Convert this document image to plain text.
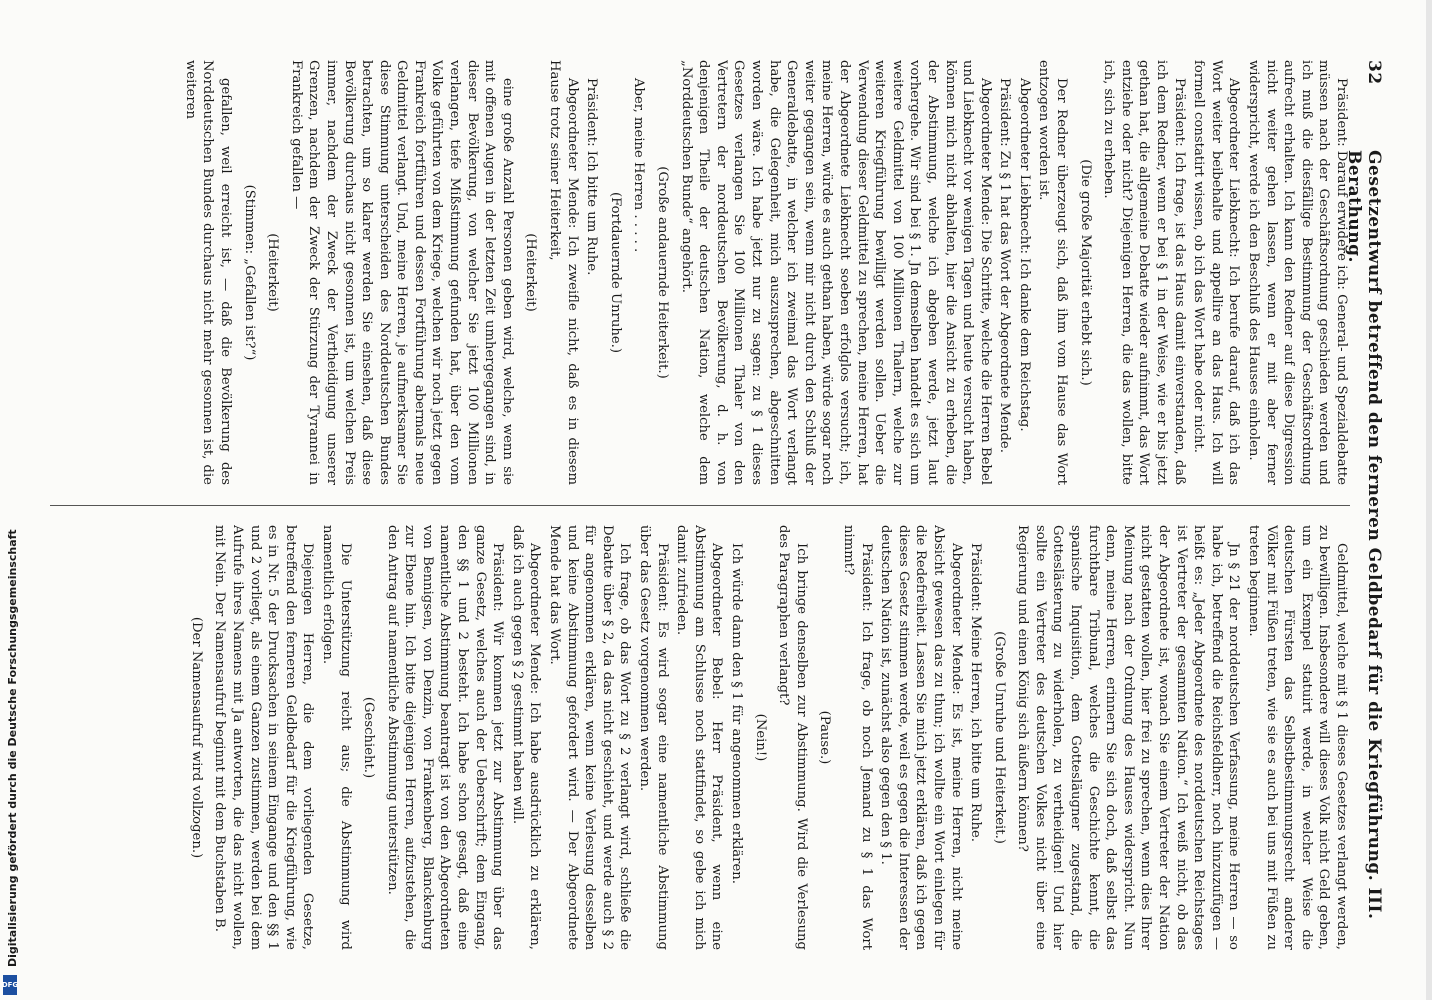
32
Gesetzentwurf betreffend den ferneren Geldbedarf für die Kriegführung. III. Berathung.

Präsident: Darauf erwidere ich: General- und Spezialdebatte müssen nach der Geschäftsordnung geschieden werden und ich muß die diesfällige Bestimmung der Geschäftsordnung aufrecht erhalten. Ich kann den Redner auf diese Digression nicht weiter gehen lassen, wenn er mit aber ferner widerspricht, werde ich den Beschluß des Hauses einholen.

Abgeordneter Liebknecht: Ich berufe darauf, daß ich das Wort weiter beibehalte und appellire an das Haus. Ich will formell constatirt wissen, ob ich das Wort habe oder nicht.

Präsident: Ich frage, ist das Haus damit einverstanden, daß ich dem Redner, wenn er bei § 1 in der Weise, wie er bis jetzt gethan hat, die allgemeine Debatte wieder aufnimmt, das Wort entziehe oder nicht? Diejenigen Herren, die das wollen, bitte ich, sich zu erheben.

(Die große Majorität erhebt sich.)

Der Redner überzeugt sich, daß ihm vom Hause das Wort entzogen worden ist.

Abgeordneter Liebknecht: Ich danke dem Reichstag.

Präsident: Zu § 1 hat das Wort der Abgeordnete Mende.

Abgeordneter Mende: Die Schritte, welche die Herren Bebel und Liebknecht vor wenigen Tagen und heute versucht haben, können mich nicht abhalten, hier die Ansicht zu erheben, die der Abstimmung, welche ich abgeben werde, jetzt laut vorhergehe. Wir sind bei § 1. Jn demselben handelt es sich um weitere Geldmittel von 100 Millionen Thalern, welche zur weiteren Kriegführung bewilligt werden sollen. Ueber die Verwendung dieser Geldmittel zu sprechen, meine Herren, hat der Abgeordnete Liebknecht soeben erfolglos versucht; ich, meine Herren, würde es auch gethan haben, würde sogar noch weiter gegangen sein, wenn mir nicht durch den Schluß der Generaldebatte, in welcher ich zweimal das Wort verlangt habe, die Gelegenheit, mich auszusprechen, abgeschnitten worden wäre. Ich habe jetzt nur zu sagen: zu § 1 dieses Gesetzes verlangen Sie 100 Millionen Thaler von den Vertretern der norddeutschen Bevölkerung, d. h. von denjenigen Theile der deutschen Nation, welche dem „Norddeutschen Bunde“ angehört.

(Große andauernde Heiterkeit.)

Aber, meine Herren . . . . .

(Fortdauernde Unruhe.)

Präsident: Ich bitte um Ruhe.

Abgeordneter Mende: Ich zweifle nicht, daß es in diesem Hause trotz seiner Heiterkeit,

(Heiterkeit)

eine große Anzahl Personen geben wird, welche, wenn sie mit offenen Augen in der letzten Zeit umhergegangen sind, in dieser Bevölkerung, von welcher Sie jetzt 100 Millionen verlangen, tiefe Mißstimmung gefunden hat, über den vom Volke geführten von dem Kriege, welchen wir noch jetzt gegen Frankreich fortführen und dessen Fortführung abermals neue Geldmittel verlangt. Und, meine Herren, je aufmerksamer Sie diese Stimmung unterscheiden des Norddeutschen Bundes betrachten, um so klarer werden Sie einsehen, daß diese Bevölkerung durchaus nicht gesonnen ist, um welchen Preis immer, nachdem der Zweck der Vertheidigung unserer Grenzen, nachdem der Zweck der Stürzung der Tyrannei in Frankreich gefallen —

(Heiterkeit)

(Stimmen: „Gefallen ist?“)

gefallen, weil erreicht ist, — daß die Bevölkerung des Norddeutschen Bundes durchaus nicht mehr gesonnen ist, die weiteren

Geldmittel, welche mit § 1 dieses Gesetzes verlangt werden, zu bewilligen. Insbesondere will dieses Volk nicht Geld geben, um ein Exempel statuirt werde, in welcher Weise die deutschen Fürsten das Selbstbestimmungsrecht anderer Völker mit Füßen treten, wie sie es auch bei uns mit Füßen zu treten beginnen.

Jn § 21 der norddeutschen Verfassung, meine Herren — so habe ich, betreffend die Reichsfeldherr, noch hinzuzufügen — heißt es: „Jeder Abgeordnete des norddeutschen Reichstages ist Vertreter der gesammten Nation.“ Ich weiß nicht, ob das der Abgeordnete ist, wonach Sie einem Vertreter der Nation nicht gestatten wollen, hier frei zu sprechen, wenn dies Ihrer Meinung nach der Ordnung des Hauses widerspricht. Nun denn, meine Herren, erinnern Sie sich doch, daß selbst das furchtbare Tribunal, welches die Geschichte kennt, die spanische Inquisition, dem Gottesläugner zugestand, die Gotteslästerung zu widerholen, zu vertheidigen! Und hier sollte ein Vertreter des deutschen Volkes nicht über eine Regierung und einen König sich äußern können?

(Große Unruhe und Heiterkeit.)

Präsident: Meine Herren, ich bitte um Ruhe.

Abgeordneter Mende: Es ist, meine Herren, nicht meine Absicht gewesen das zu thun; ich wollte ein Wort einlegen für die Redefreiheit. Lassen Sie mich jetzt erklären, daß ich gegen dieses Gesetz stimmen werde, weil es gegen die Interessen der deutschen Nation ist, zunächst also gegen den § 1.

Präsident: Ich frage, ob noch Jemand zu § 1 das Wort nimmt?

(Pause.)

Ich bringe denselben zur Abstimmung. Wird die Verlesung des Paragraphen verlangt?

(Nein!)

Ich würde dann den § 1 für angenommen erklären.

Abgeordneter Bebel: Herr Präsident, wenn eine Abstimmung am Schlusse noch stattfindet, so gebe ich mich damit zufrieden.

Präsident: Es wird sogar eine namentliche Abstimmung über das Gesetz vorgenommen werden.

Ich frage, ob das Wort zu § 2 verlangt wird, schließe die Debatte über § 2, da das nicht geschieht, und werde auch § 2 für angenommen erklären, wenn keine Verlesung desselben und keine Abstimmung gefordert wird. — Der Abgeordnete Mende hat das Wort.

Abgeordneter Mende: Ich habe ausdrücklich zu erklären, daß ich auch gegen § 2 gestimmt haben will.

Präsident: Wir kommen jetzt zur Abstimmung über das ganze Gesetz, welches auch der Ueberschrift; dem Eingang, den §§ 1 und 2 besteht. Ich habe schon gesagt, daß eine namentliche Abstimmung beantragt ist von den Abgeordneten von Bennigsen, von Denzin, von Frankenberg, Blanckenburg zur Ebene hin. Ich bitte diejenigen Herren, aufzustehen, die den Antrag auf namentliche Abstimmung unterstützen.

(Geschieht.)

Die Unterstützung reicht aus; die Abstimmung wird namentlich erfolgen.

Diejenigen Herren, die dem vorliegenden Gesetze, betreffend den ferneren Geldbedarf für die Kriegführung, wie es in Nr. 5 der Drucksachen in seinem Eingange und den §§ 1 und 2 vorliegt, als einem Ganzen zustimmen, werden bei dem Aufrufe ihres Namens mit Ja antworten, die das nicht wollen, mit Nein. Der Namensaufruf beginnt mit dem Buchstaben B.

(Der Namensaufruf wird vollzogen.)

Digitalisierung gefördert durch die Deutsche Forschungsgemeinschaft
DFG
